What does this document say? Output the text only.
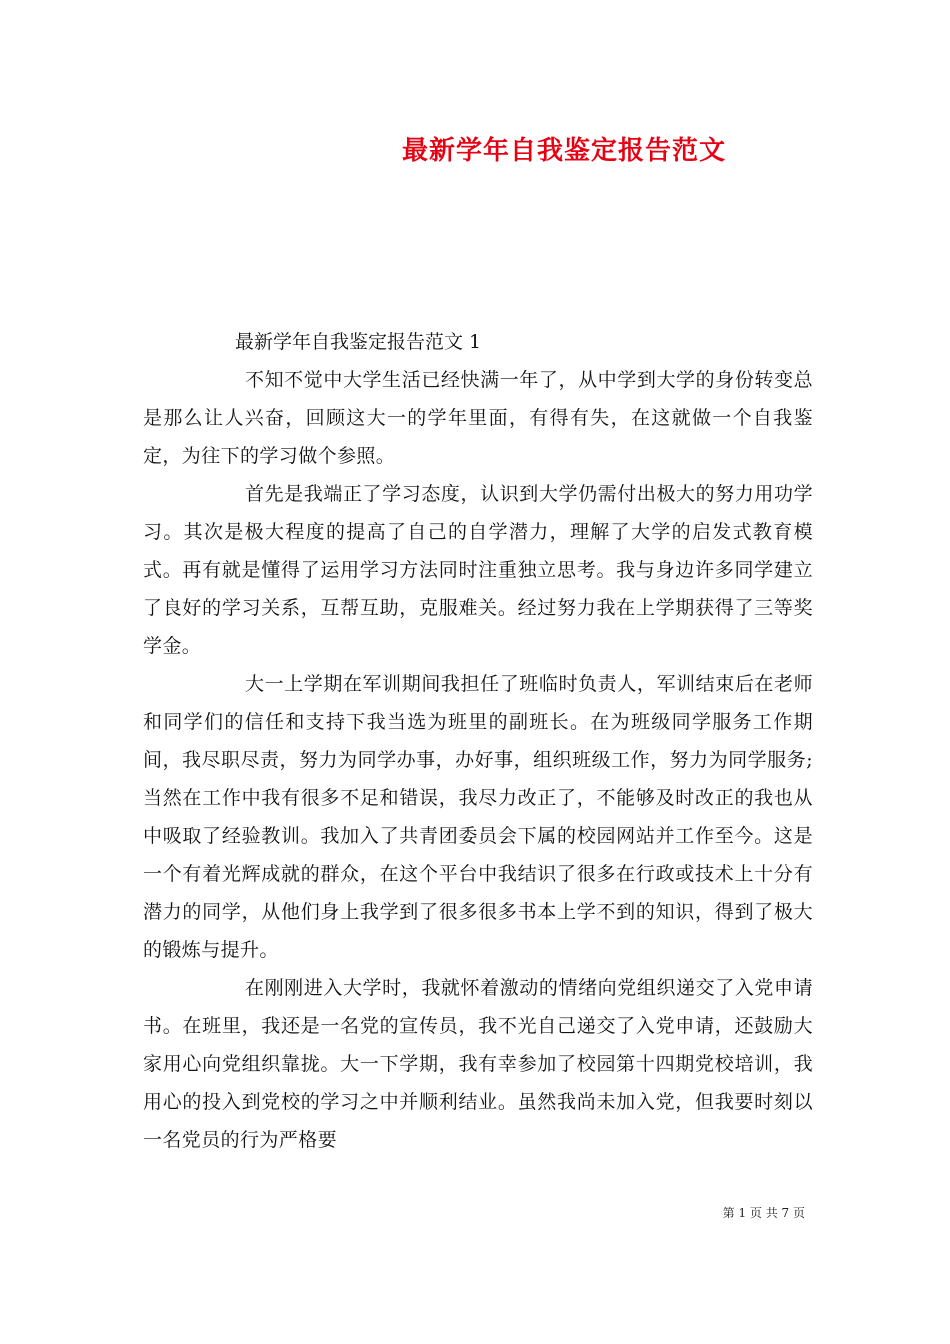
最新学年自我鉴定报告范文

最新学年自我鉴定报告范文 1

不知不觉中大学生活已经快满一年了，从中学到大学的身份转变总是那么让人兴奋，回顾这大一的学年里面，有得有失，在这就做一个自我鉴定，为往下的学习做个参照。

首先是我端正了学习态度，认识到大学仍需付出极大的努力用功学习。其次是极大程度的提高了自己的自学潜力，理解了大学的启发式教育模式。再有就是懂得了运用学习方法同时注重独立思考。我与身边许多同学建立了良好的学习关系，互帮互助，克服难关。经过努力我在上学期获得了三等奖学金。

大一上学期在军训期间我担任了班临时负责人，军训结束后在老师和同学们的信任和支持下我当选为班里的副班长。在为班级同学服务工作期间，我尽职尽责，努力为同学办事，办好事，组织班级工作，努力为同学服务;当然在工作中我有很多不足和错误，我尽力改正了，不能够及时改正的我也从中吸取了经验教训。我加入了共青团委员会下属的校园网站并工作至今。这是一个有着光辉成就的群众，在这个平台中我结识了很多在行政或技术上十分有潜力的同学，从他们身上我学到了很多很多书本上学不到的知识，得到了极大的锻炼与提升。

在刚刚进入大学时，我就怀着激动的情绪向党组织递交了入党申请书。在班里，我还是一名党的宣传员，我不光自己递交了入党申请，还鼓励大家用心向党组织靠拢。大一下学期，我有幸参加了校园第十四期党校培训，我用心的投入到党校的学习之中并顺利结业。虽然我尚未加入党，但我要时刻以一名党员的行为严格要

第 1 页 共 7 页
